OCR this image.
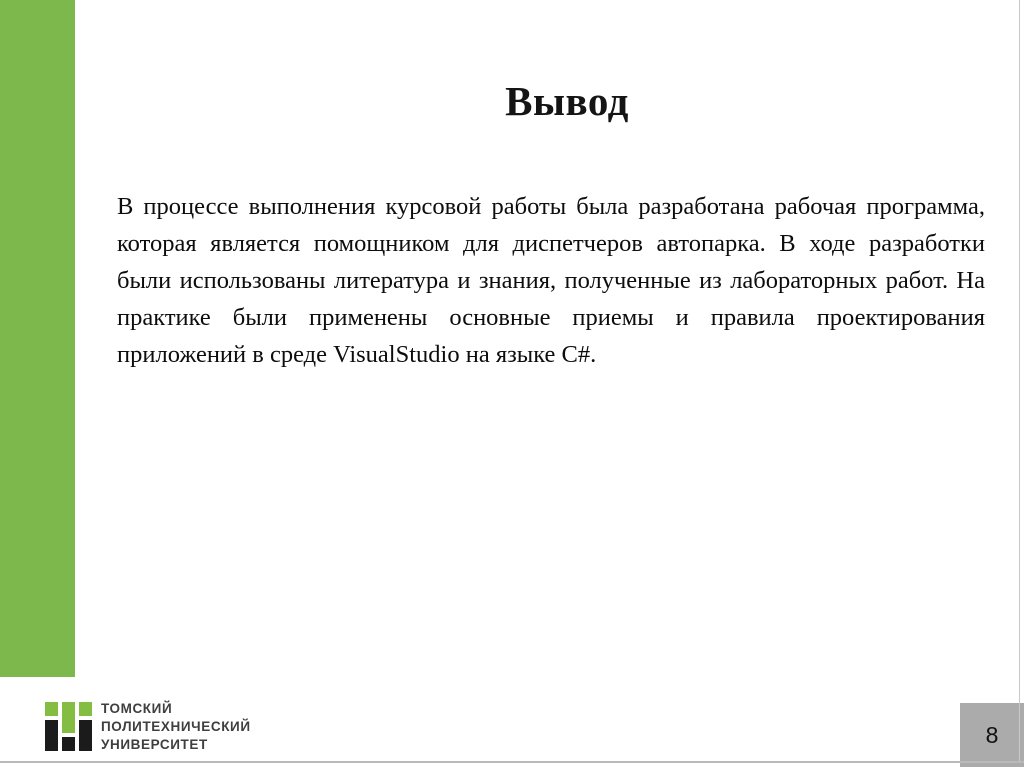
Вывод

В процессе выполнения курсовой работы была разработана рабочая программа, которая является помощником для диспетчеров автопарка. В ходе разработки были использованы литература и знания, полученные из лабораторных работ. На практике были применены основные приемы и правила проектирования приложений в среде VisualStudio на языке C#.

ТОМСКИЙ
ПОЛИТЕХНИЧЕСКИЙ
УНИВЕРСИТЕТ	8
